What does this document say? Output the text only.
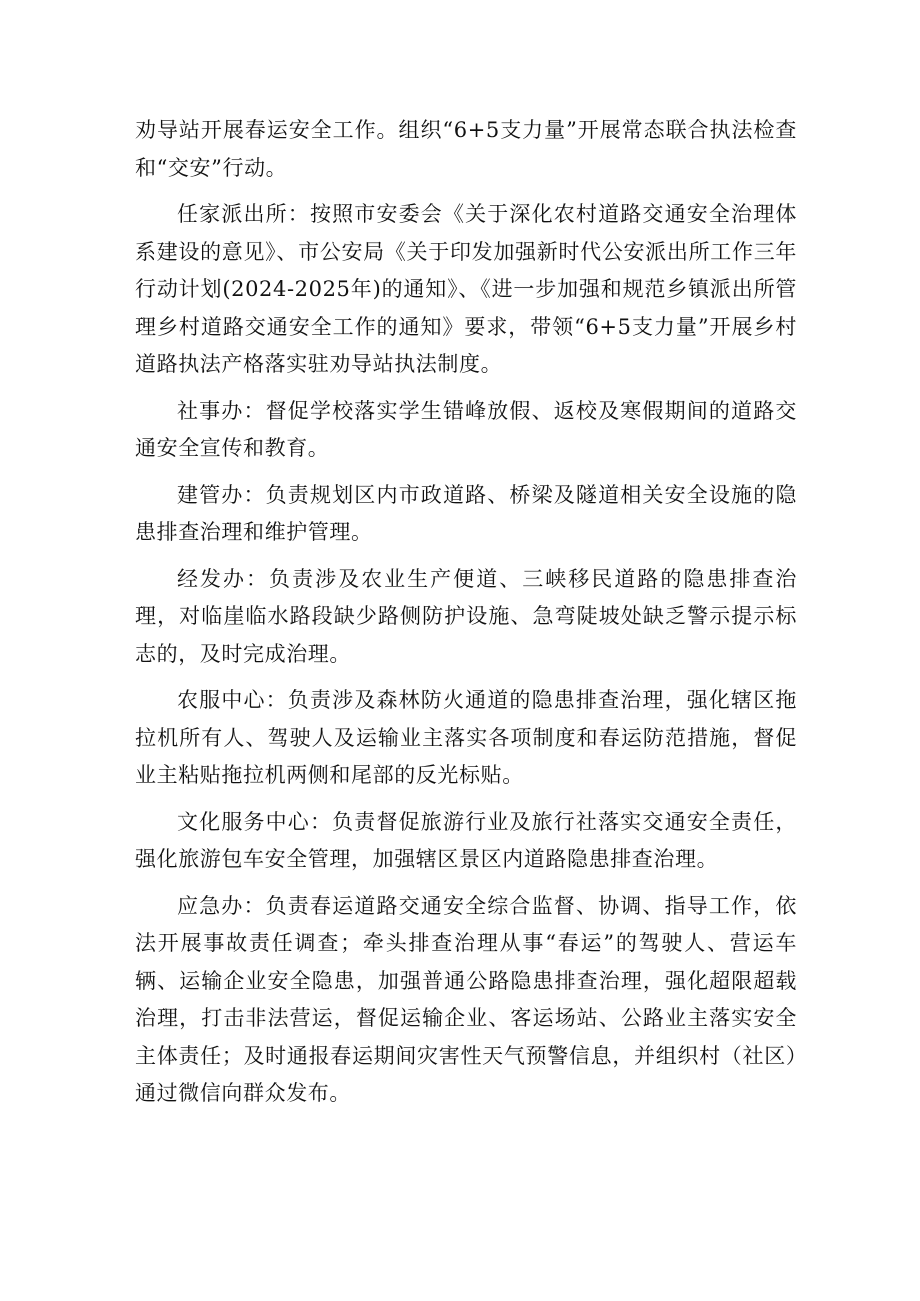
劝导站开展春运安全工作。组织“6+5支力量”开展常态联合执法检查和“交安”行动。

任家派出所：按照市安委会《关于深化农村道路交通安全治理体系建设的意见》、市公安局《关于印发加强新时代公安派出所工作三年行动计划(2024-2025年)的通知》、《进一步加强和规范乡镇派出所管理乡村道路交通安全工作的通知》要求，带领“6+5支力量”开展乡村道路执法产格落实驻劝导站执法制度。

社事办：督促学校落实学生错峰放假、返校及寒假期间的道路交通安全宣传和教育。

建管办：负责规划区内市政道路、桥梁及隧道相关安全设施的隐患排查治理和维护管理。

经发办：负责涉及农业生产便道、三峡移民道路的隐患排查治理，对临崖临水路段缺少路侧防护设施、急弯陡坡处缺乏警示提示标志的，及时完成治理。

农服中心：负责涉及森林防火通道的隐患排查治理，强化辖区拖拉机所有人、驾驶人及运输业主落实各项制度和春运防范措施，督促业主粘贴拖拉机两侧和尾部的反光标贴。

文化服务中心：负责督促旅游行业及旅行社落实交通安全责任，强化旅游包车安全管理，加强辖区景区内道路隐患排查治理。

应急办：负责春运道路交通安全综合监督、协调、指导工作，依法开展事故责任调查；牵头排查治理从事“春运”的驾驶人、营运车辆、运输企业安全隐患，加强普通公路隐患排查治理，强化超限超载治理，打击非法营运，督促运输企业、客运场站、公路业主落实安全主体责任；及时通报春运期间灾害性天气预警信息，并组织村（社区）通过微信向群众发布。
